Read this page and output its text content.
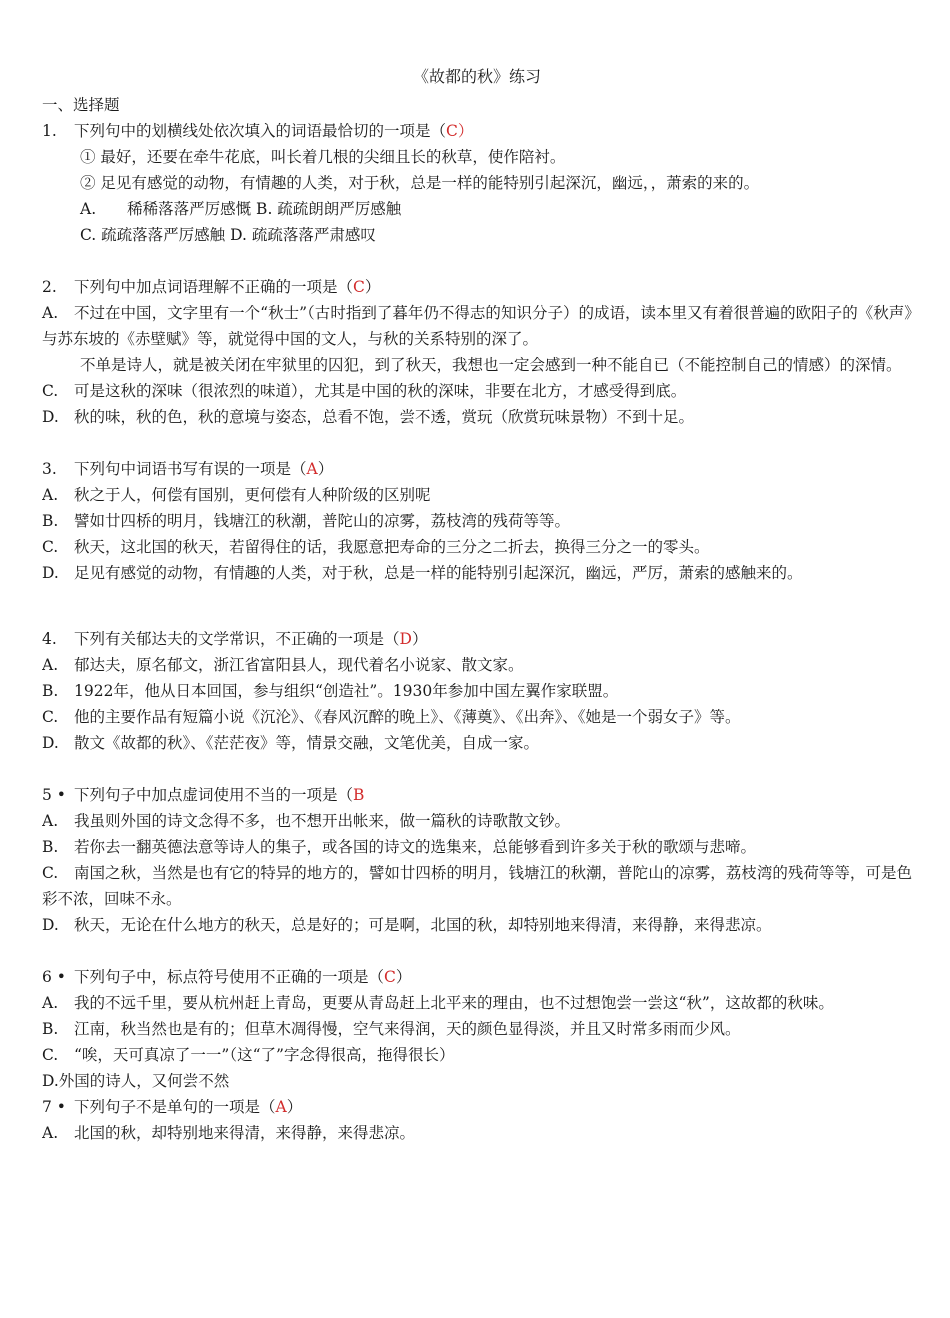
《故都的秋》练习
一、选择题
1. 下列句中的划横线处依次填入的词语最恰切的一项是（C）
① 最好，还要在牵牛花底，叫长着几根的尖细且长的秋草，使作陪衬。
② 足见有感觉的动物，有情趣的人类，对于秋，总是一样的能特别引起深沉，幽远，，萧索的来的。
A.　　稀稀落落严厉感慨 B. 疏疏朗朗严厉感触
C. 疏疏落落严厉感触 D. 疏疏落落严肃感叹
2. 下列句中加点词语理解不正确的一项是（C）
A. 不过在中国，文字里有一个“秋士”（古时指到了暮年仍不得志的知识分子）的成语，读本里又有着很普遍的欧阳子的《秋声》与苏东坡的《赤壁赋》等，就觉得中国的文人，与秋的关系特别的深了。
不单是诗人，就是被关闭在牢狱里的囚犯，到了秋天，我想也一定会感到一种不能自已（不能控制自己的情感）的深情。
C. 可是这秋的深味（很浓烈的味道），尤其是中国的秋的深味，非要在北方，才感受得到底。
D. 秋的味，秋的色，秋的意境与姿态，总看不饱，尝不透，赏玩（欣赏玩味景物）不到十足。
3. 下列句中词语书写有误的一项是（A）
A. 秋之于人，何偿有国别，更何偿有人种阶级的区别呢
B. 譬如廿四桥的明月，钱塘江的秋潮，普陀山的凉雾，荔枝湾的残荷等等。
C. 秋天，这北国的秋天，若留得住的话，我愿意把寿命的三分之二折去，换得三分之一的零头。
D. 足见有感觉的动物，有情趣的人类，对于秋，总是一样的能特别引起深沉，幽远，严厉，萧索的感触来的。
4. 下列有关郁达夫的文学常识，不正确的一项是（D）
A. 郁达夫，原名郁文，浙江省富阳县人，现代着名小说家、散文家。
B. 1922年，他从日本回国，参与组织“创造社”。1930年参加中国左翼作家联盟。
C. 他的主要作品有短篇小说《沉沦》、《春风沉醉的晚上》、《薄奠》、《出奔》、《她是一个弱女子》等。
D. 散文《故都的秋》、《茫茫夜》等，情景交融，文笔优美，自成一家。
5 • 下列句子中加点虚词使用不当的一项是（B
A. 我虽则外国的诗文念得不多，也不想开出帐来，做一篇秋的诗歌散文钞。
B. 若你去一翻英德法意等诗人的集子，或各国的诗文的选集来，总能够看到许多关于秋的歌颂与悲啼。
C. 南国之秋，当然是也有它的特异的地方的，譬如廿四桥的明月，钱塘江的秋潮，普陀山的凉雾，荔枝湾的残荷等等，可是色彩不浓，回味不永。
D. 秋天，无论在什么地方的秋天，总是好的；可是啊，北国的秋，却特别地来得清，来得静，来得悲凉。
6 • 下列句子中，标点符号使用不正确的一项是（C）
A. 我的不远千里，要从杭州赶上青岛，更要从青岛赶上北平来的理由，也不过想饱尝一尝这“秋”，这故都的秋味。
B. 江南，秋当然也是有的；但草木凋得慢，空气来得润，天的颜色显得淡，并且又时常多雨而少风。
C. “唉，天可真凉了一一”（这“了”字念得很高，拖得很长）
D.外国的诗人，又何尝不然
7 • 下列句子不是单句的一项是（A）
A. 北国的秋，却特别地来得清，来得静，来得悲凉。
